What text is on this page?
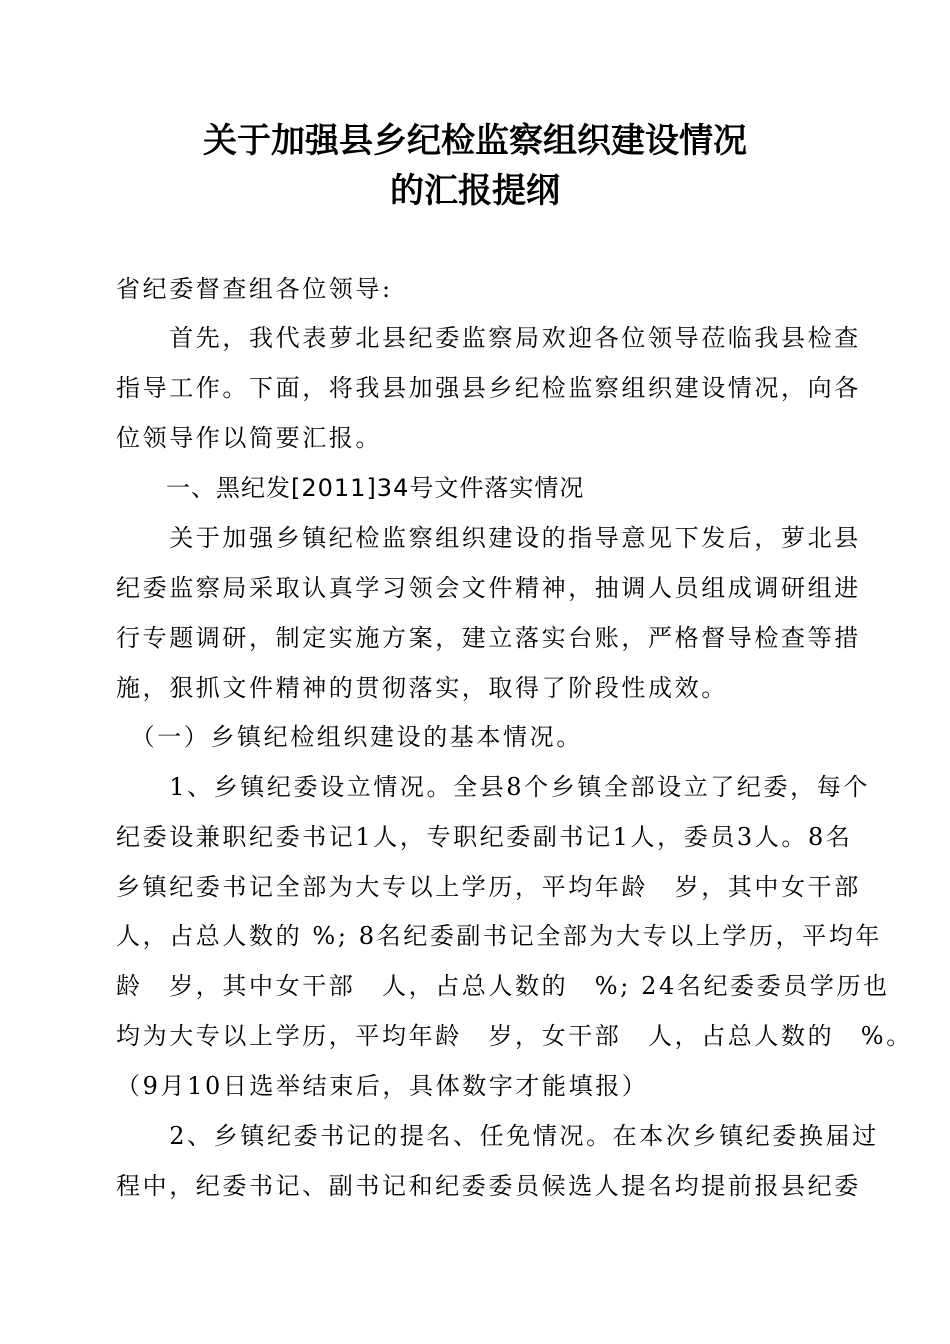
关于加强县乡纪检监察组织建设情况
的汇报提纲
省纪委督查组各位领导:
　　首先，我代表萝北县纪委监察局欢迎各位领导莅临我县检查
指导工作。下面，将我县加强县乡纪检监察组织建设情况，向各
位领导作以简要汇报。
　　一、黑纪发[2011]34号文件落实情况
　　关于加强乡镇纪检监察组织建设的指导意见下发后，萝北县
纪委监察局采取认真学习领会文件精神，抽调人员组成调研组进
行专题调研，制定实施方案，建立落实台账，严格督导检查等措
施，狠抓文件精神的贯彻落实，取得了阶段性成效。
　（一）乡镇纪检组织建设的基本情况。
　　1、乡镇纪委设立情况。全县8个乡镇全部设立了纪委，每个
纪委设兼职纪委书记1人，专职纪委副书记1人，委员3人。8名
乡镇纪委书记全部为大专以上学历，平均年龄　岁，其中女干部
人，占总人数的 %; 8名纪委副书记全部为大专以上学历，平均年
龄　岁，其中女干部　人，占总人数的　%; 24名纪委委员学历也
均为大专以上学历，平均年龄　岁，女干部　人，占总人数的　%。
（9月10日选举结束后，具体数字才能填报）
　　2、乡镇纪委书记的提名、任免情况。在本次乡镇纪委换届过
程中，纪委书记、副书记和纪委委员候选人提名均提前报县纪委
